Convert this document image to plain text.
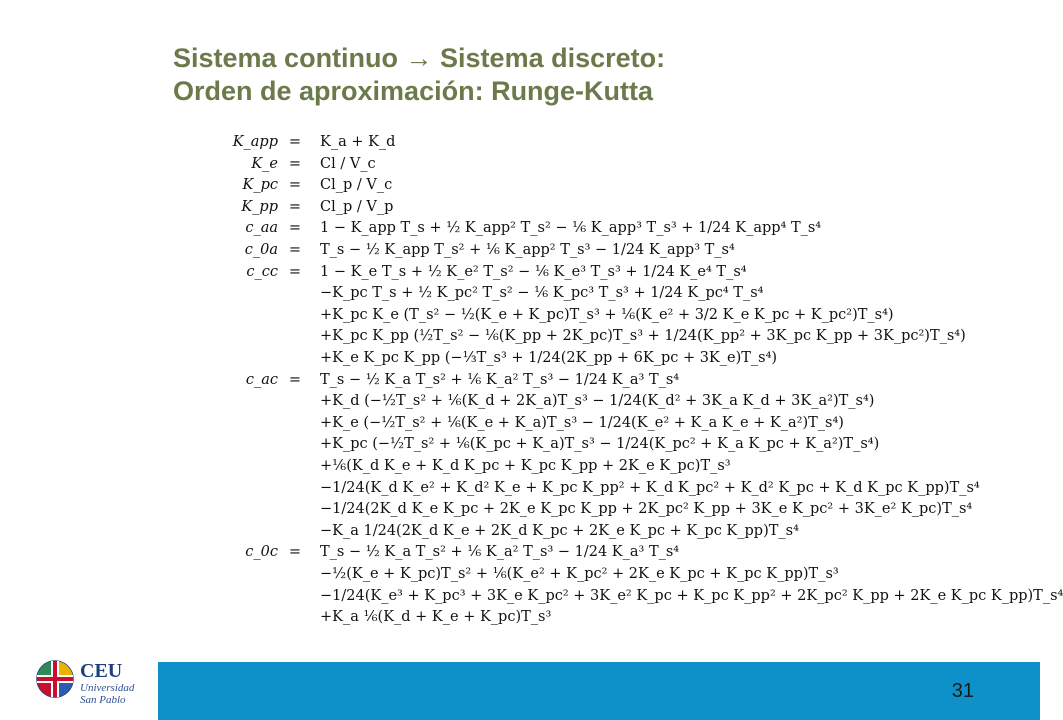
Sistema continuo → Sistema discreto:
Orden de aproximación: Runge-Kutta
K_app = K_a + K_d
K_e = Cl / V_c
K_pc = Cl_p / V_c
K_pp = Cl_p / V_p
c_aa = 1 − K_app T_s + ½ K_app² T_s² − ⅙ K_app³ T_s³ + 1/24 K_app⁴ T_s⁴
c_0a = T_s − ½ K_app T_s² + ⅙ K_app² T_s³ − 1/24 K_app³ T_s⁴
c_cc = 1 − K_e T_s + ½ K_e² T_s² − ⅙ K_e³ T_s³ + 1/24 K_e⁴ T_s⁴
−K_pc T_s + ½ K_pc² T_s² − ⅙ K_pc³ T_s³ + 1/24 K_pc⁴ T_s⁴
+K_pc K_e (T_s² − ½(K_e + K_pc)T_s³ + ⅙(K_e² + 3/2 K_e K_pc + K_pc²)T_s⁴)
+K_pc K_pp (½T_s² − ⅙(K_pp + 2K_pc)T_s³ + 1/24(K_pp² + 3K_pc K_pp + 3K_pc²)T_s⁴)
+K_e K_pc K_pp (−⅓T_s³ + 1/24(2K_pp + 6K_pc + 3K_e)T_s⁴)
c_ac = T_s − ½ K_a T_s² + ⅙ K_a² T_s³ − 1/24 K_a³ T_s⁴
+K_d (−½T_s² + ⅙(K_d + 2K_a)T_s³ − 1/24(K_d² + 3K_a K_d + 3K_a²)T_s⁴)
+K_e (−½T_s² + ⅙(K_e + K_a)T_s³ − 1/24(K_e² + K_a K_e + K_a²)T_s⁴)
+K_pc (−½T_s² + ⅙(K_pc + K_a)T_s³ − 1/24(K_pc² + K_a K_pc + K_a²)T_s⁴)
+⅙(K_d K_e + K_d K_pc + K_pc K_pp + 2K_e K_pc)T_s³
−1/24(K_d K_e² + K_d² K_e + K_pc K_pp² + K_d K_pc² + K_d² K_pc + K_d K_pc K_pp)T_s⁴
−1/24(2K_d K_e K_pc + 2K_e K_pc K_pp + 2K_pc² K_pp + 3K_e K_pc² + 3K_e² K_pc)T_s⁴
−K_a 1/24(2K_d K_e + 2K_d K_pc + 2K_e K_pc + K_pc K_pp)T_s⁴
c_0c = T_s − ½ K_a T_s² + ⅙ K_a² T_s³ − 1/24 K_a³ T_s⁴
−½(K_e + K_pc)T_s² + ⅙(K_e² + K_pc² + 2K_e K_pc + K_pc K_pp)T_s³
−1/24(K_e³ + K_pc³ + 3K_e K_pc² + 3K_e² K_pc + K_pc K_pp² + 2K_pc² K_pp + 2K_e K_pc K_pp)T_s⁴
+K_a ⅙(K_d + K_e + K_pc)T_s³
CEU
Universidad
San Pablo	31
